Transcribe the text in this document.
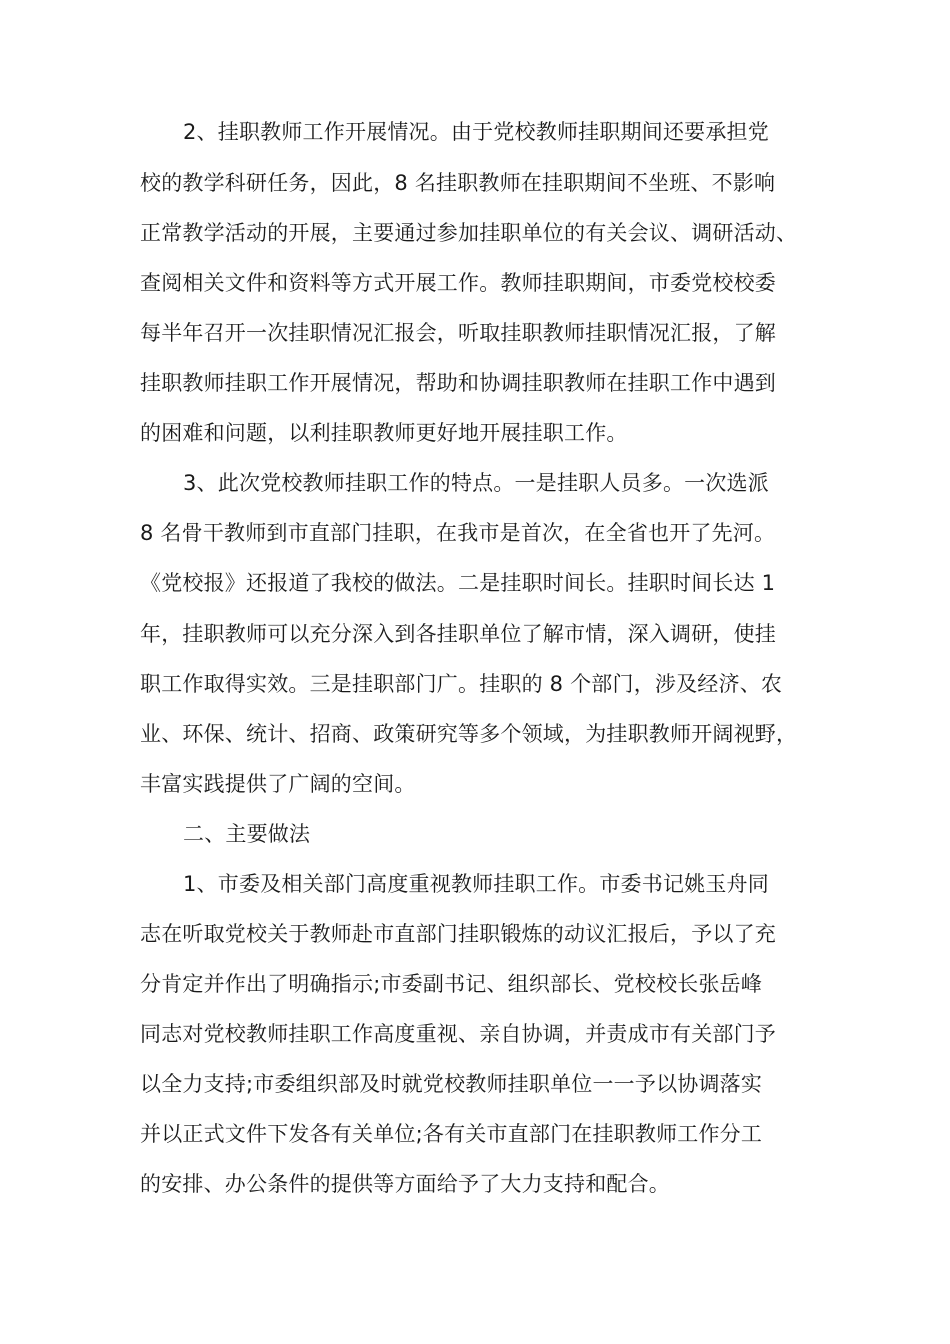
2、挂职教师工作开展情况。由于党校教师挂职期间还要承担党
校的教学科研任务，因此，8 名挂职教师在挂职期间不坐班、不影响
正常教学活动的开展，主要通过参加挂职单位的有关会议、调研活动、
查阅相关文件和资料等方式开展工作。教师挂职期间，市委党校校委
每半年召开一次挂职情况汇报会，听取挂职教师挂职情况汇报，了解
挂职教师挂职工作开展情况，帮助和协调挂职教师在挂职工作中遇到
的困难和问题，以利挂职教师更好地开展挂职工作。
3、此次党校教师挂职工作的特点。一是挂职人员多。一次选派
8 名骨干教师到市直部门挂职，在我市是首次，在全省也开了先河。
《党校报》还报道了我校的做法。二是挂职时间长。挂职时间长达 1
年，挂职教师可以充分深入到各挂职单位了解市情，深入调研，使挂
职工作取得实效。三是挂职部门广。挂职的 8 个部门，涉及经济、农
业、环保、统计、招商、政策研究等多个领域，为挂职教师开阔视野，
丰富实践提供了广阔的空间。
二、主要做法
1、市委及相关部门高度重视教师挂职工作。市委书记姚玉舟同
志在听取党校关于教师赴市直部门挂职锻炼的动议汇报后，予以了充
分肯定并作出了明确指示;市委副书记、组织部长、党校校长张岳峰
同志对党校教师挂职工作高度重视、亲自协调，并责成市有关部门予
以全力支持;市委组织部及时就党校教师挂职单位一一予以协调落实
并以正式文件下发各有关单位;各有关市直部门在挂职教师工作分工
的安排、办公条件的提供等方面给予了大力支持和配合。
